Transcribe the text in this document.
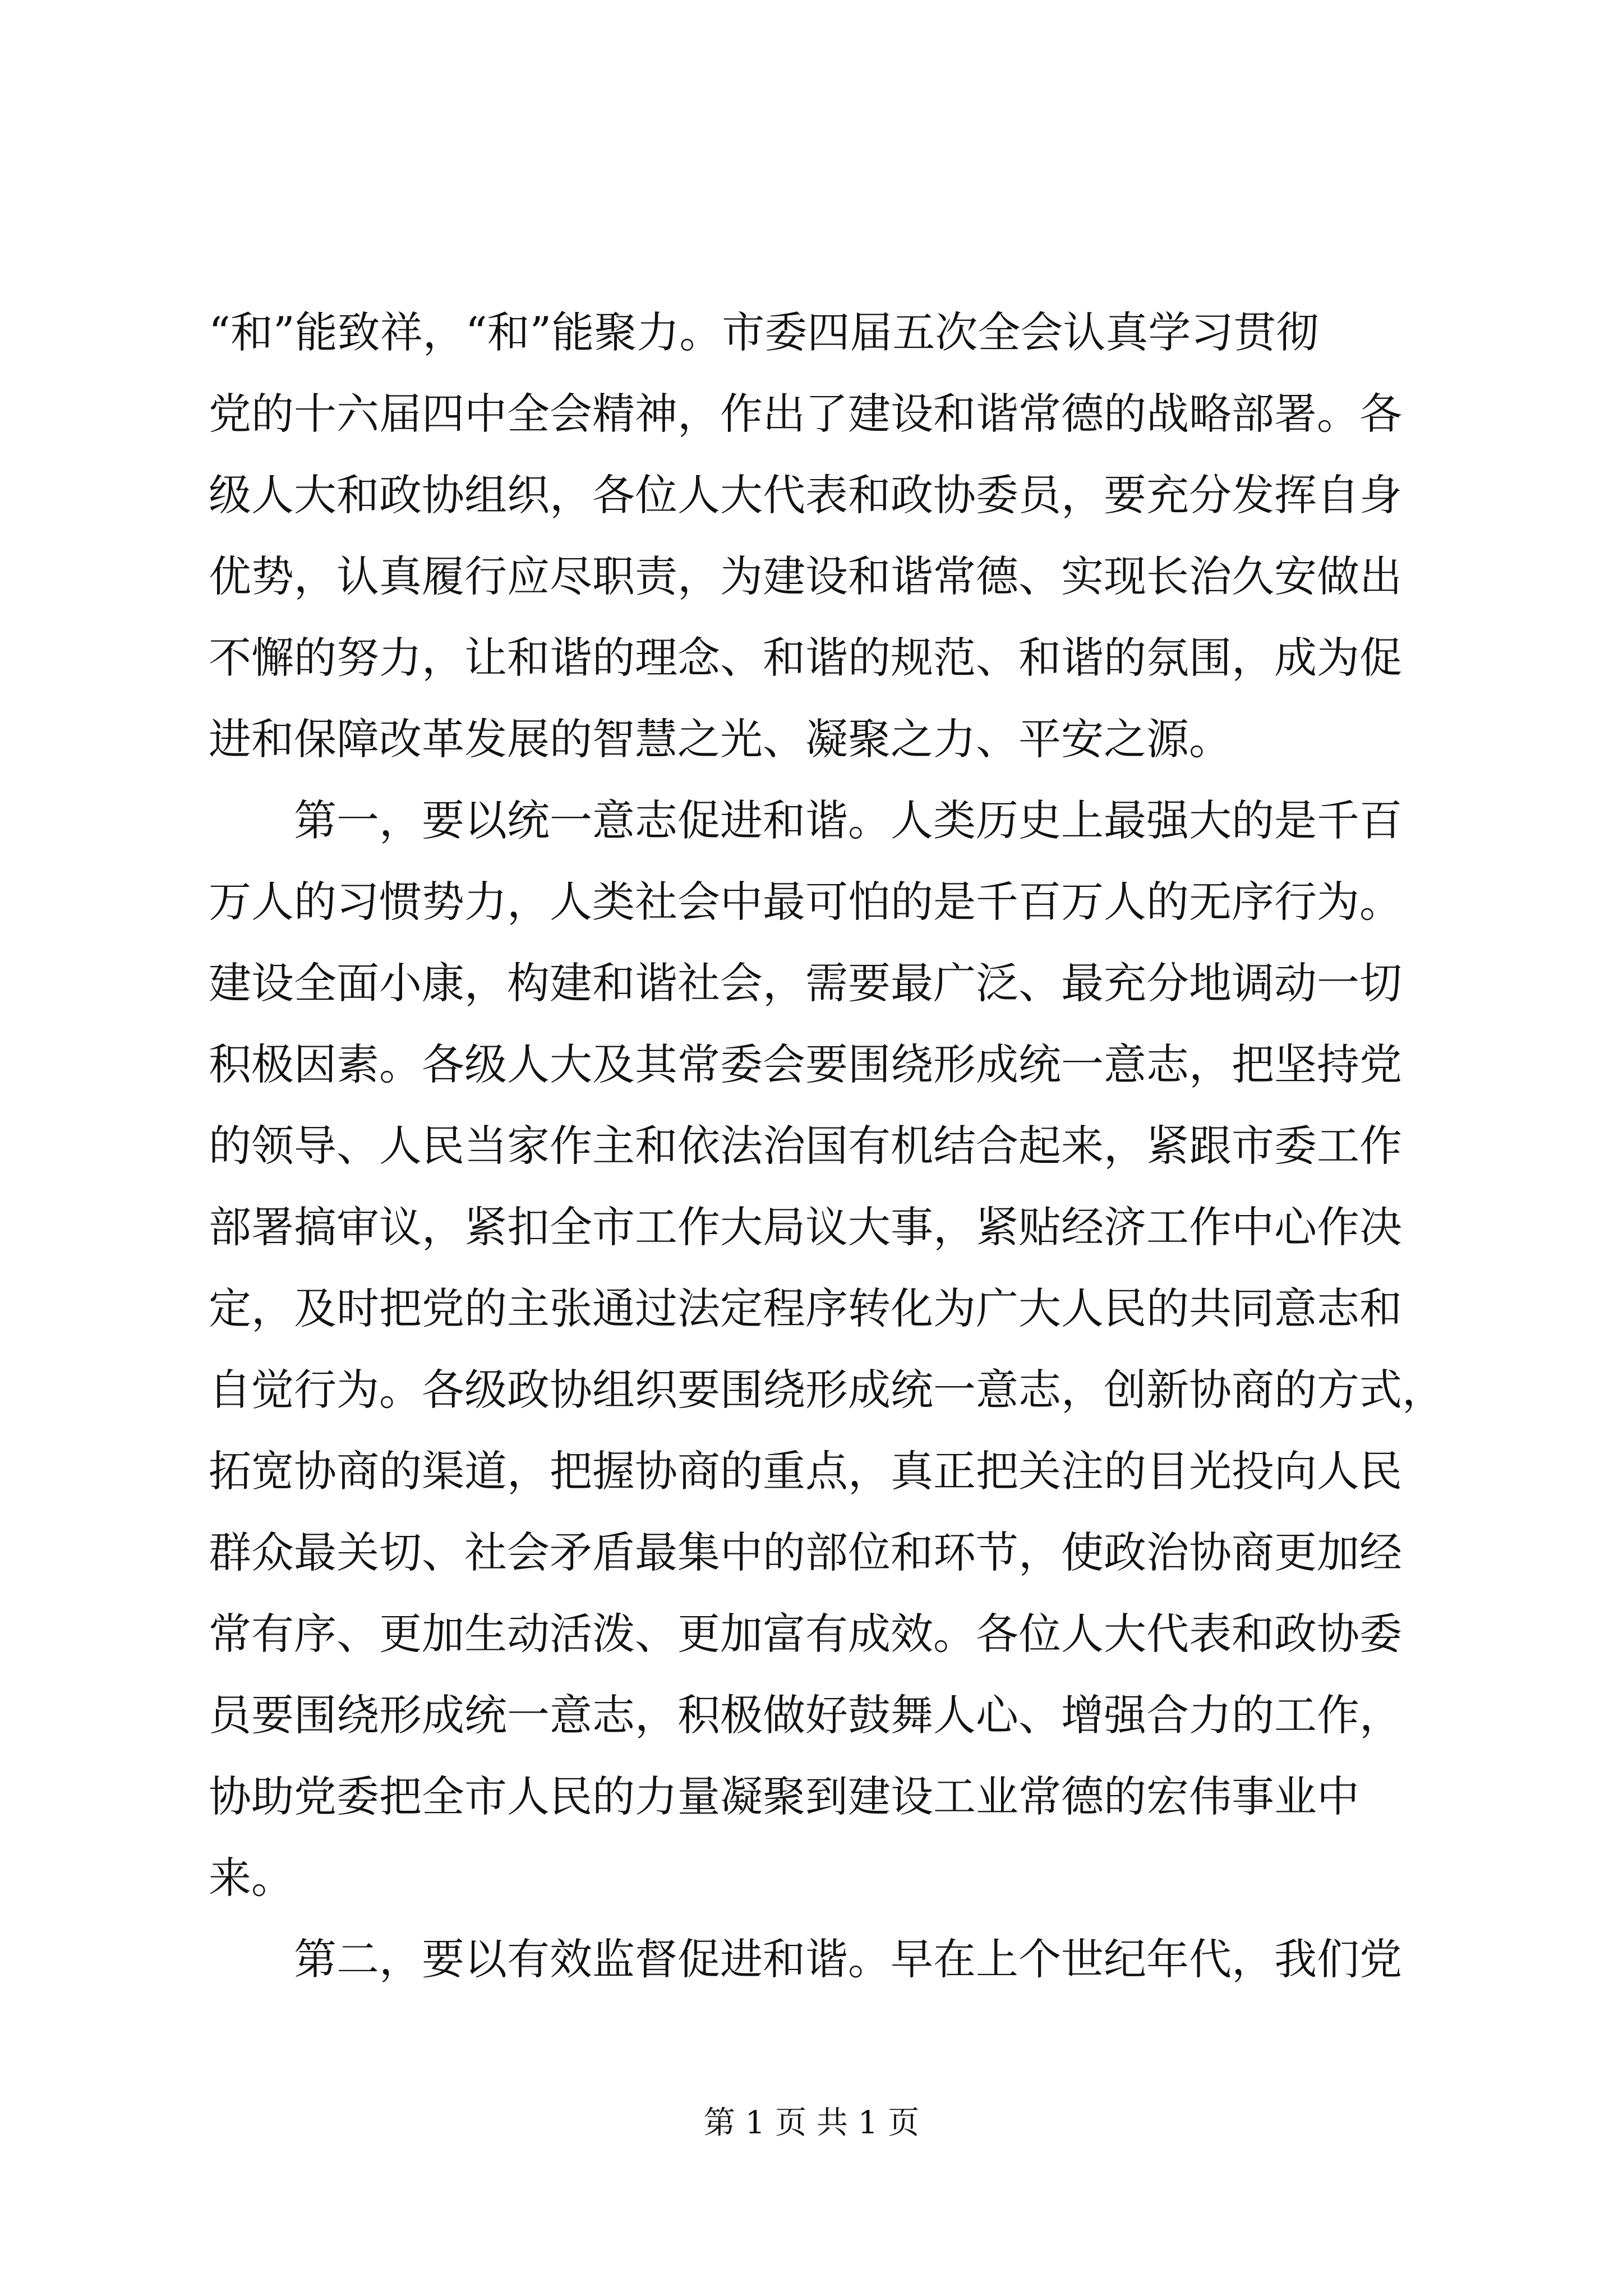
“和”能致祥，“和”能聚力。市委四届五次全会认真学习贯彻
党的十六届四中全会精神，作出了建设和谐常德的战略部署。各
级人大和政协组织，各位人大代表和政协委员，要充分发挥自身
优势，认真履行应尽职责，为建设和谐常德、实现长治久安做出
不懈的努力，让和谐的理念、和谐的规范、和谐的氛围，成为促
进和保障改革发展的智慧之光、凝聚之力、平安之源。
　　第一，要以统一意志促进和谐。人类历史上最强大的是千百
万人的习惯势力，人类社会中最可怕的是千百万人的无序行为。
建设全面小康，构建和谐社会，需要最广泛、最充分地调动一切
积极因素。各级人大及其常委会要围绕形成统一意志，把坚持党
的领导、人民当家作主和依法治国有机结合起来，紧跟市委工作
部署搞审议，紧扣全市工作大局议大事，紧贴经济工作中心作决
定，及时把党的主张通过法定程序转化为广大人民的共同意志和
自觉行为。各级政协组织要围绕形成统一意志，创新协商的方式，
拓宽协商的渠道，把握协商的重点，真正把关注的目光投向人民
群众最关切、社会矛盾最集中的部位和环节，使政治协商更加经
常有序、更加生动活泼、更加富有成效。各位人大代表和政协委
员要围绕形成统一意志，积极做好鼓舞人心、增强合力的工作，
协助党委把全市人民的力量凝聚到建设工业常德的宏伟事业中
来。
　　第二，要以有效监督促进和谐。早在上个世纪年代，我们党
第 1 页 共 1 页
